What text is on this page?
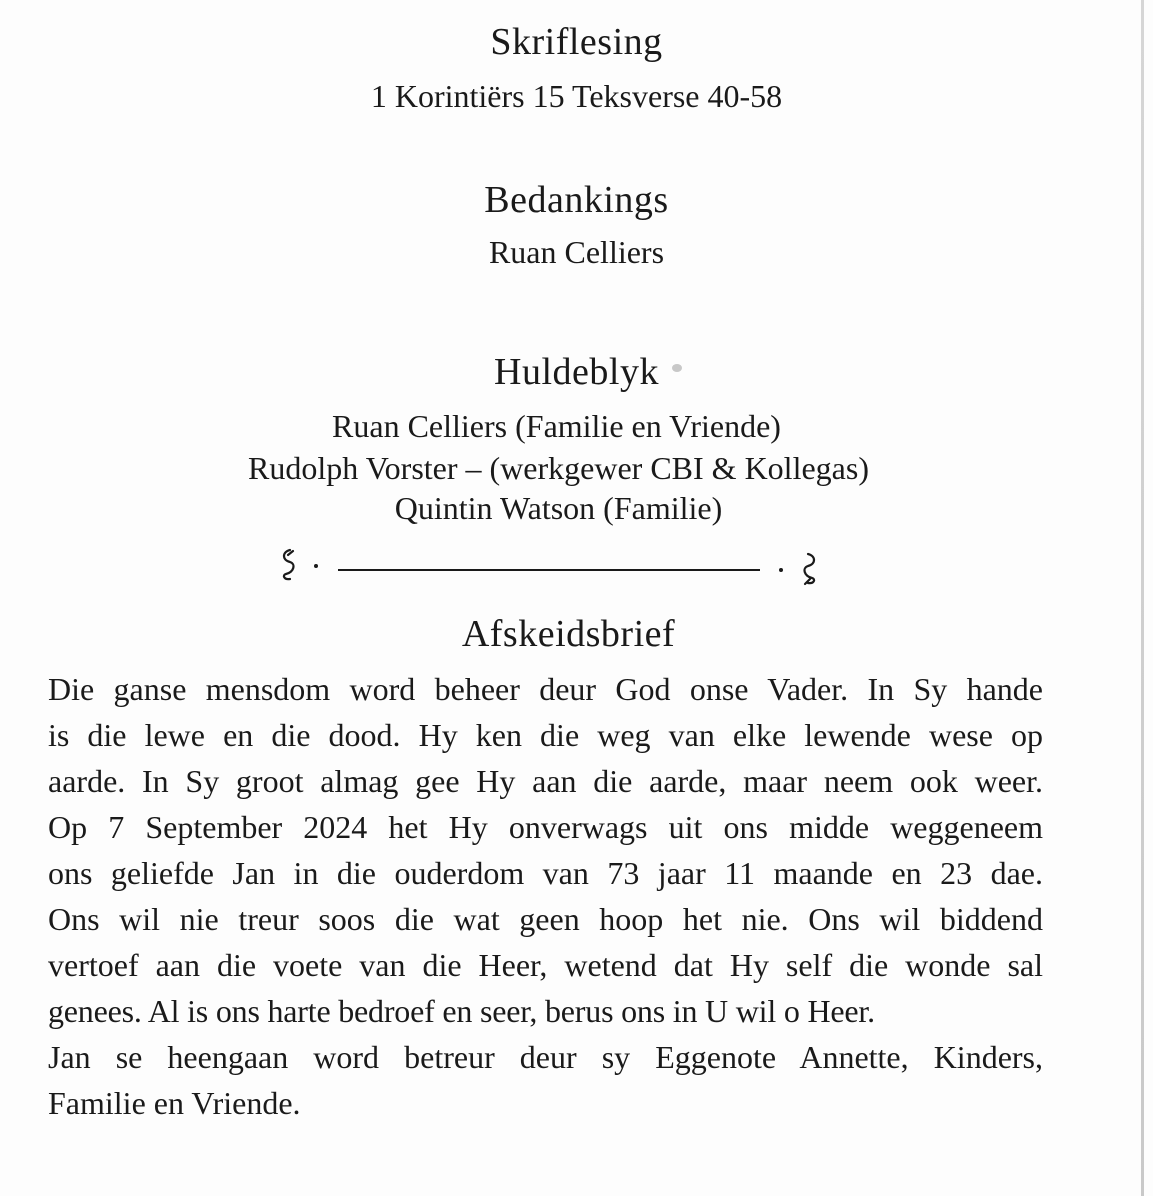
Skriflesing
1 Korintiërs 15 Teksverse 40-58
Bedankings
Ruan Celliers
Huldeblyk
Ruan Celliers (Familie en Vriende)
Rudolph Vorster – (werkgewer CBI & Kollegas)
Quintin Watson (Familie)
Afskeidsbrief
Die ganse mensdom word beheer deur God onse Vader. In Sy hande
is die lewe en die dood. Hy ken die weg van elke lewende wese op
aarde. In Sy groot almag gee Hy aan die aarde, maar neem ook weer.
Op 7 September 2024 het Hy onverwags uit ons midde weggeneem
ons geliefde Jan in die ouderdom van 73 jaar 11 maande en 23 dae.
Ons wil nie treur soos die wat geen hoop het nie. Ons wil biddend
vertoef aan die voete van die Heer, wetend dat Hy self die wonde sal
genees. Al is ons harte bedroef en seer, berus ons in U wil o Heer.
Jan se heengaan word betreur deur sy Eggenote Annette, Kinders,
Familie en Vriende.
